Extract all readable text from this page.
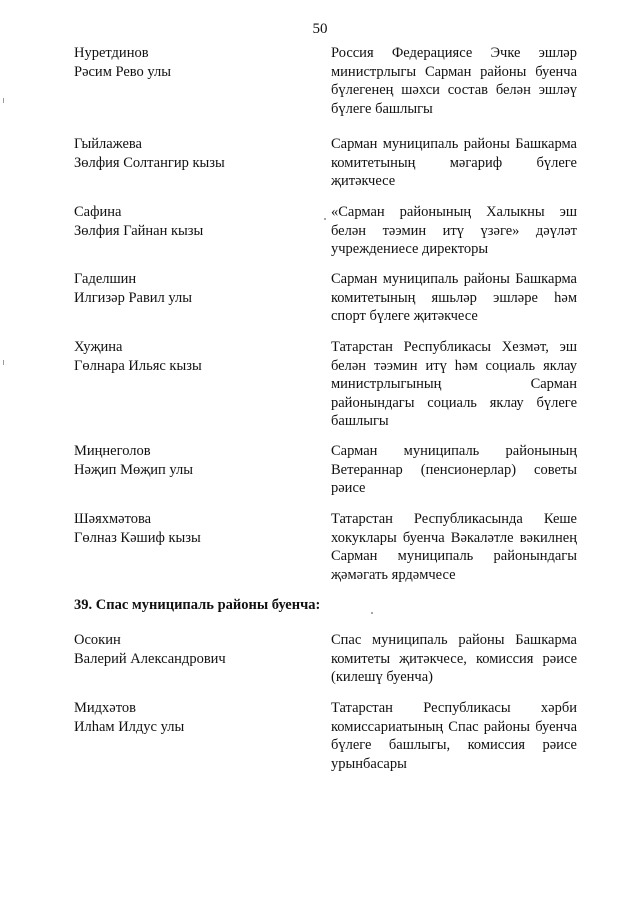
50
Нуретдинов
Рәсим Рево улы
Россия Федерациясе Эчке эшләр министрлыгы Сарман районы буенча бүлегенең шәхси состав белән эшләү бүлеге башлыгы
Гыйлажева
Зөлфия Солтангир кызы
Сарман муниципаль районы Башкарма комитетының мәгариф бүлеге җитәкчесе
Сафина
Зөлфия Гайнан кызы
«Сарман районының Халыкны эш белән тәэмин итү үзәге» дәүләт учреждениесе директоры
Гаделшин
Илгизәр Равил улы
Сарман муниципаль районы Башкарма комитетының яшьләр эшләре һәм спорт бүлеге җитәкчесе
Хуҗина
Гөлнара Ильяс кызы
Татарстан Республикасы Хезмәт, эш белән тәэмин итү һәм социаль яклау министрлыгының Сарман районындагы социаль яклау бүлеге башлыгы
Миңнеголов
Нәҗип Мөҗип улы
Сарман муниципаль районының Ветераннар (пенсионерлар) советы рәисе
Шәяхмәтова
Гөлназ Кәшиф кызы
Татарстан Республикасында Кеше хокуклары буенча Вәкаләтле вәкилнең Сарман муниципаль районындагы җәмәгать ярдәмчесе
39. Спас муниципаль районы буенча:
Осокин
Валерий Александрович
Спас муниципаль районы Башкарма комитеты җитәкчесе, комиссия рәисе (килешү буенча)
Мидхәтов
Илһам Илдус улы
Татарстан Республикасы хәрби комиссариатының Спас районы буенча бүлеге башлыгы, комиссия рәисе урынбасары
